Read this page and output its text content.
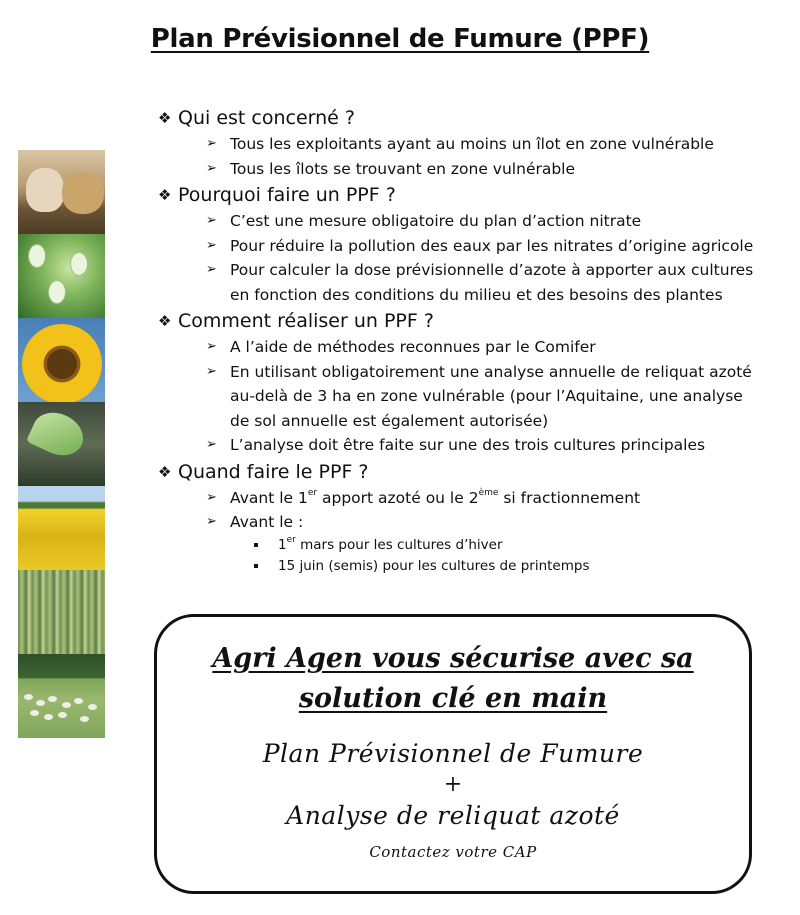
Plan Prévisionnel de Fumure (PPF)
❖ Qui est concerné ?
➢ Tous les exploitants ayant au moins un îlot en zone vulnérable
➢ Tous les îlots se trouvant en zone vulnérable
❖ Pourquoi faire un PPF ?
➢ C’est une mesure obligatoire du plan d’action nitrate
➢ Pour réduire la pollution des eaux par les nitrates d’origine agricole
➢ Pour calculer la dose prévisionnelle d’azote à apporter aux cultures en fonction des conditions du milieu et des besoins des plantes
❖ Comment réaliser un PPF ?
➢ A l’aide de méthodes reconnues par le Comifer
➢ En utilisant obligatoirement une analyse annuelle de reliquat azoté au-delà de 3 ha en zone vulnérable (pour l’Aquitaine, une analyse de sol annuelle est également autorisée)
➢ L’analyse doit être faite sur une des trois cultures principales
❖ Quand faire le PPF ?
➢ Avant le 1er apport azoté ou le 2ème si fractionnement
➢ Avant le :
1er mars pour les cultures d’hiver
15 juin (semis) pour les cultures de printemps
Agri Agen vous sécurise avec sa
solution clé en main
Plan Prévisionnel de Fumure
+
Analyse de reliquat azoté
Contactez votre CAP
